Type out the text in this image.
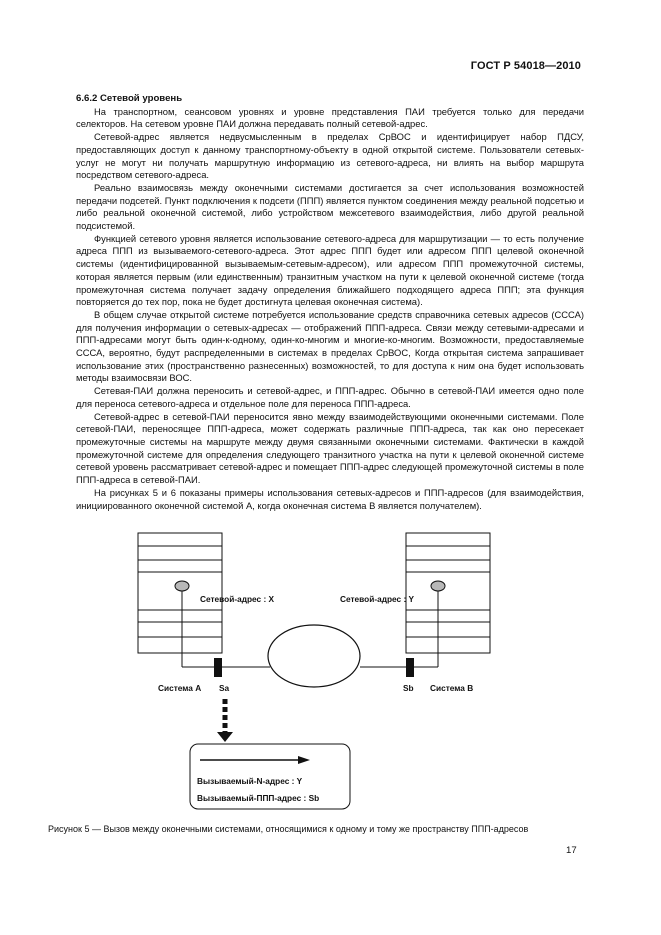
ГОСТ Р 54018—2010
6.6.2 Сетевой уровень

На транспортном, сеансовом уровнях и уровне представления ПАИ требуется только для передачи селекторов. На сетевом уровне ПАИ должна передавать полный сетевой-адрес.

Сетевой-адрес является недвусмысленным в пределах СрВОС и идентифицирует набор ПДСУ, предоставляющих доступ к данному транспортному-объекту в одной открытой системе. Пользователи сетевых-услуг не могут ни получать маршрутную информацию из сетевого-адреса, ни влиять на выбор маршрута посредством сетевого-адреса.

Реально взаимосвязь между оконечными системами достигается за счет использования возможностей передачи подсетей. Пункт подключения к подсети (ППП) является пунктом соединения между реальной подсетью и либо реальной оконечной системой, либо устройством межсетевого взаимодействия, либо другой реальной подсистемой.

Функцией сетевого уровня является использование сетевого-адреса для маршрутизации — то есть получение адреса ППП из вызываемого-сетевого-адреса. Этот адрес ППП будет или адресом ППП целевой оконечной системы (идентифицированной вызываемым-сетевым-адресом), или адресом ППП промежуточной системы, которая является первым (или единственным) транзитным участком на пути к целевой оконечной системе (тогда промежуточная система получает задачу определения ближайшего подходящего адреса ППП; эта функция повторяется до тех пор, пока не будет достигнута целевая оконечная система).

В общем случае открытой системе потребуется использование средств справочника сетевых адресов (СССА) для получения информации о сетевых-адресах — отображений ППП-адреса. Связи между сетевыми-адресами и ППП-адресами могут быть один-к-одному, один-ко-многим и многие-ко-многим. Возможности, предоставляемые СССА, вероятно, будут распределенными в системах в пределах СрВОС, Когда открытая система запрашивает использование этих (пространственно разнесенных) возможностей, то для доступа к ним она будет использовать методы взаимосвязи ВОС.

Сетевая-ПАИ должна переносить и сетевой-адрес, и ППП-адрес. Обычно в сетевой-ПАИ имеется одно поле для переноса сетевого-адреса и отдельное поле для переноса ППП-адреса.

Сетевой-адрес в сетевой-ПАИ переносится явно между взаимодействующими оконечными системами. Поле сетевой-ПАИ, переносящее ППП-адреса, может содержать различные ППП-адреса, так как оно пересекает промежуточные системы на маршруте между двумя связанными оконечными системами. Фактически в каждой промежуточной системе для определения следующего транзитного участка на пути к целевой оконечной системе сетевой уровень рассматривает сетевой-адрес и помещает ППП-адрес следующей промежуточной системы в поле ППП-адреса в сетевой-ПАИ.

На рисунках 5 и 6 показаны примеры использования сетевых-адресов и ППП-адресов (для взаимодействия, инициированного оконечной системой А, когда оконечная система В является получателем).

Сетевой-адрес : X	Сетевой-адрес : Y
Система А Sa	Sb Система В
Вызываемый-N-адрес : Y
Вызываемый-ППП-адрес : Sb
Рисунок 5 — Вызов между оконечными системами, относящимися к одному и тому же пространству ППП-адресов
17
